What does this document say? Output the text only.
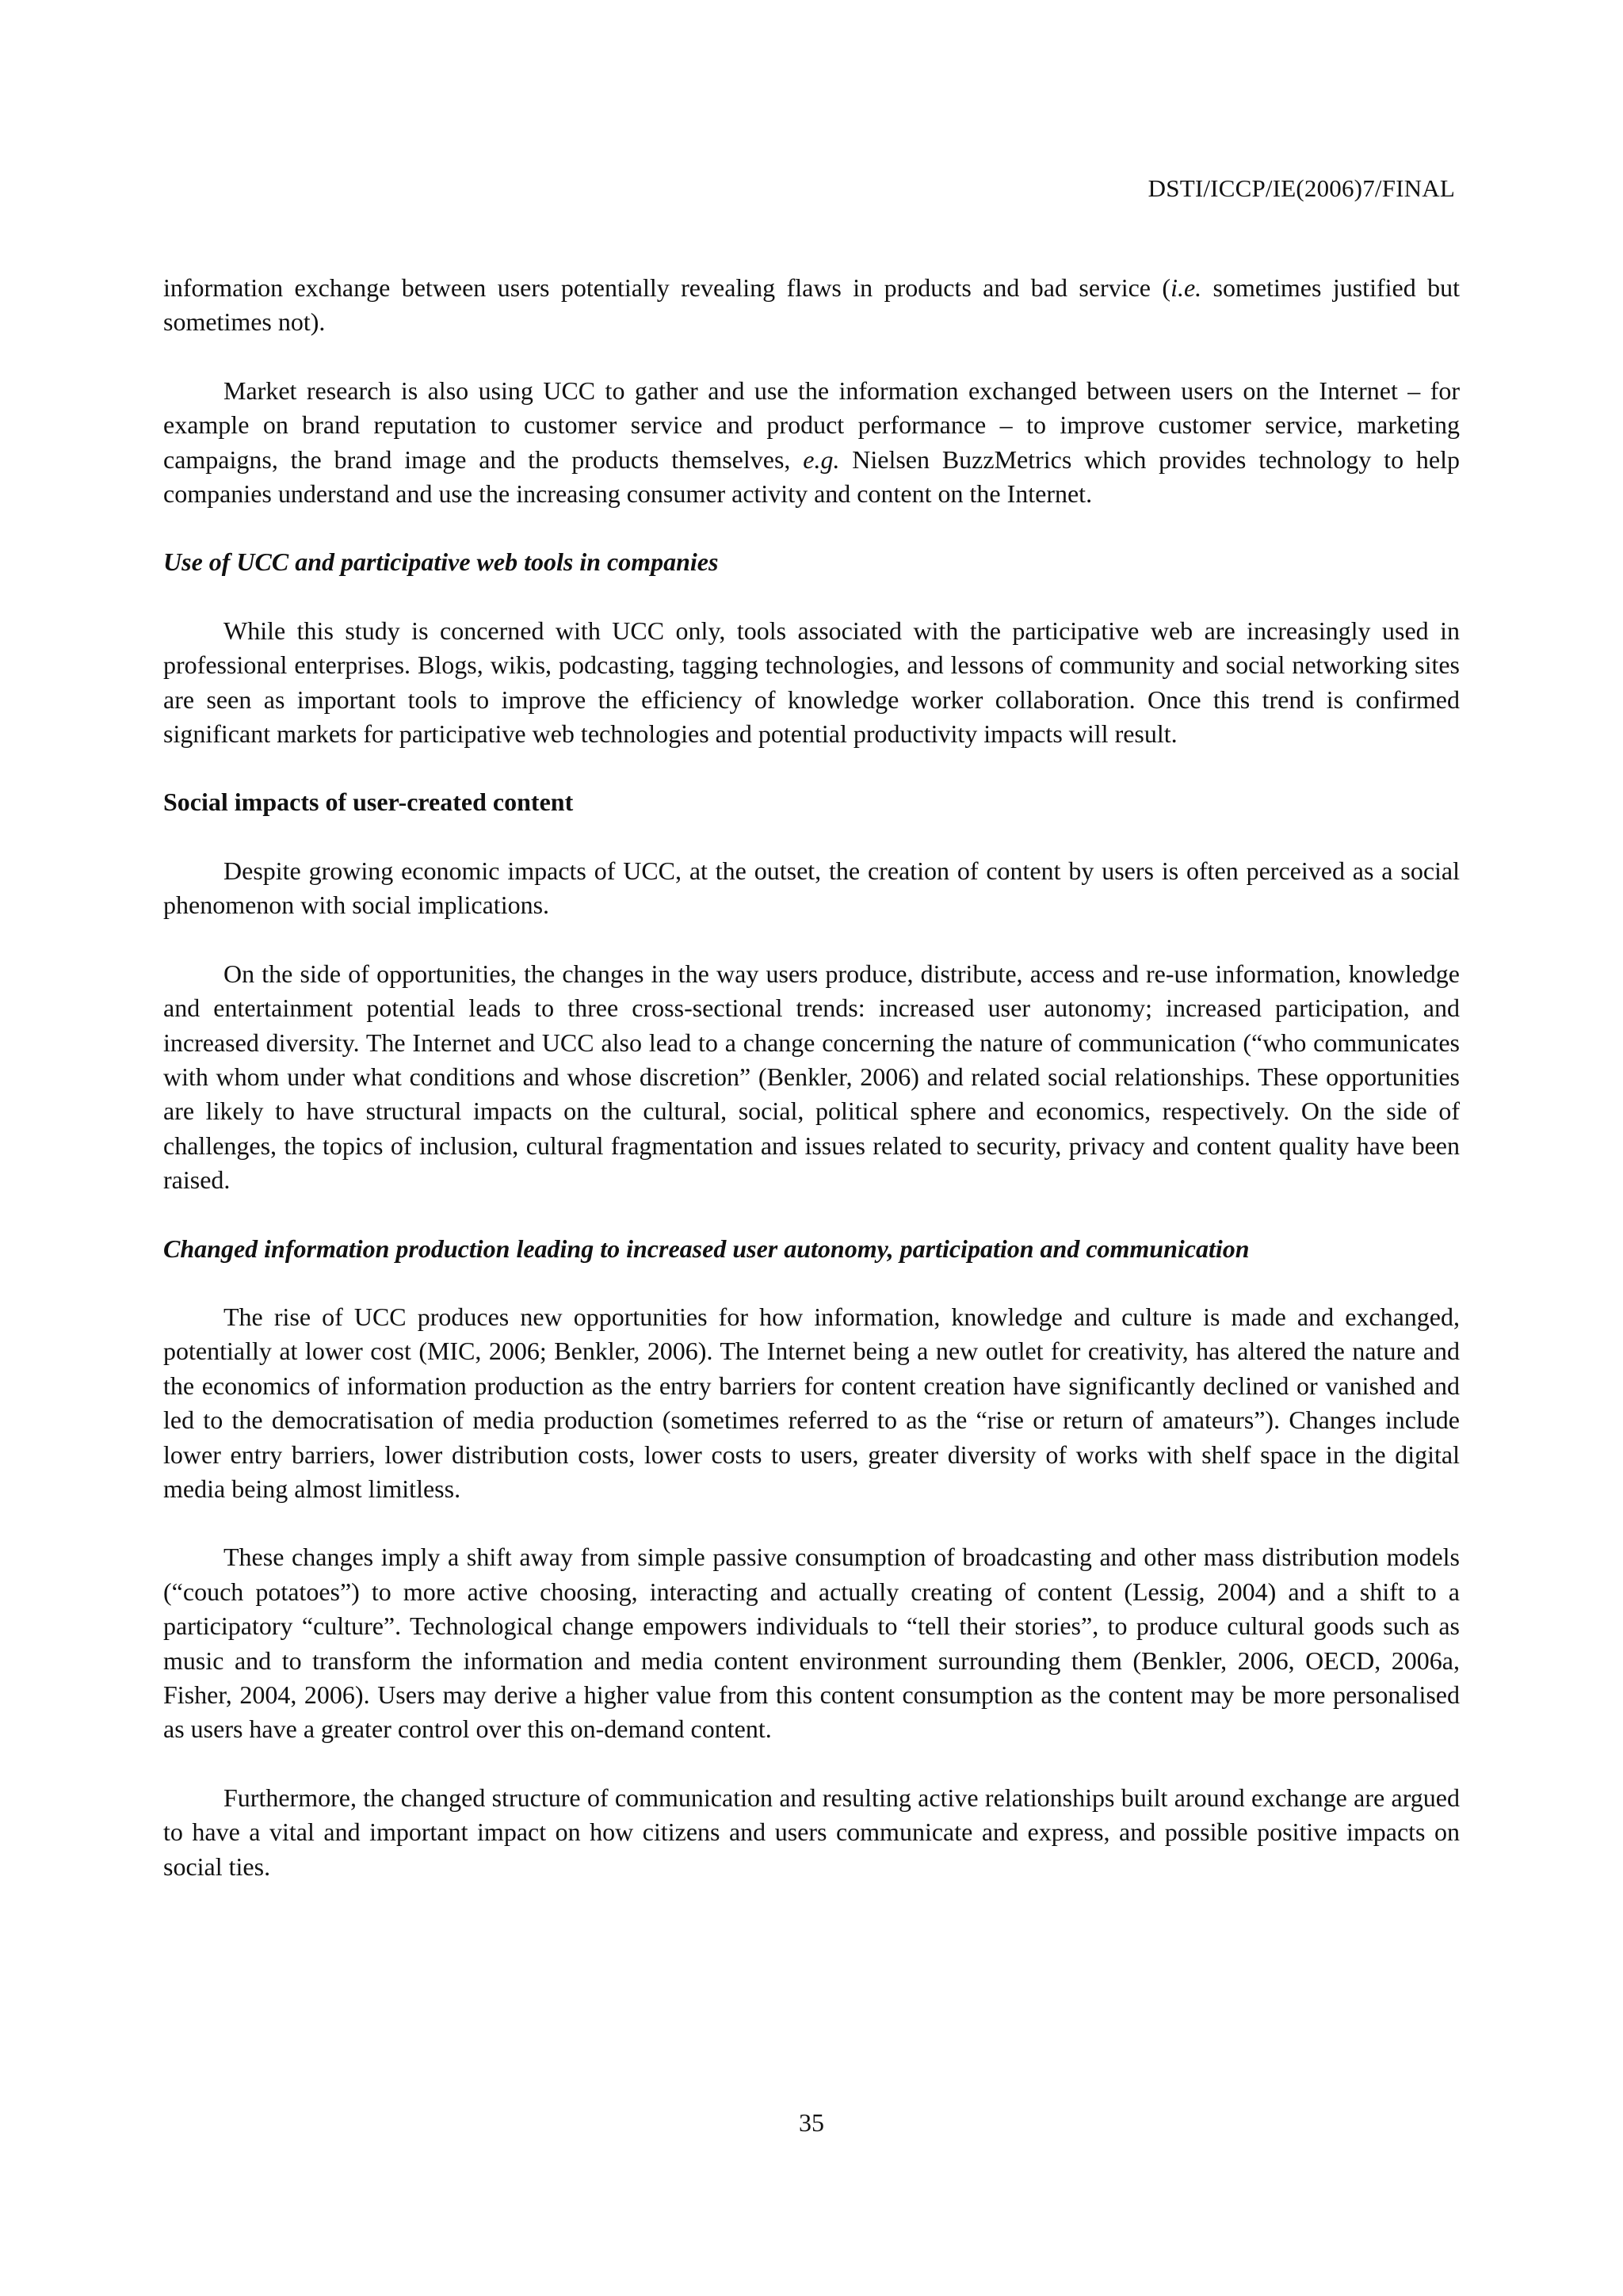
DSTI/ICCP/IE(2006)7/FINAL

information exchange between users potentially revealing flaws in products and bad service (i.e. sometimes justified but sometimes not).

Market research is also using UCC to gather and use the information exchanged between users on the Internet – for example on brand reputation to customer service and product performance – to improve customer service, marketing campaigns, the brand image and the products themselves, e.g. Nielsen BuzzMetrics which provides technology to help companies understand and use the increasing consumer activity and content on the Internet.

Use of UCC and participative web tools in companies

While this study is concerned with UCC only, tools associated with the participative web are increasingly used in professional enterprises. Blogs, wikis, podcasting, tagging technologies, and lessons of community and social networking sites are seen as important tools to improve the efficiency of knowledge worker collaboration. Once this trend is confirmed significant markets for participative web technologies and potential productivity impacts will result.

Social impacts of user-created content

Despite growing economic impacts of UCC, at the outset, the creation of content by users is often perceived as a social phenomenon with social implications.

On the side of opportunities, the changes in the way users produce, distribute, access and re-use information, knowledge and entertainment potential leads to three cross-sectional trends: increased user autonomy; increased participation, and increased diversity. The Internet and UCC also lead to a change concerning the nature of communication (“who communicates with whom under what conditions and whose discretion” (Benkler, 2006) and related social relationships. These opportunities are likely to have structural impacts on the cultural, social, political sphere and economics, respectively. On the side of challenges, the topics of inclusion, cultural fragmentation and issues related to security, privacy and content quality have been raised.

Changed information production leading to increased user autonomy, participation and communication

The rise of UCC produces new opportunities for how information, knowledge and culture is made and exchanged, potentially at lower cost (MIC, 2006; Benkler, 2006). The Internet being a new outlet for creativity, has altered the nature and the economics of information production as the entry barriers for content creation have significantly declined or vanished and led to the democratisation of media production (sometimes referred to as the “rise or return of amateurs”). Changes include lower entry barriers, lower distribution costs, lower costs to users, greater diversity of works with shelf space in the digital media being almost limitless.

These changes imply a shift away from simple passive consumption of broadcasting and other mass distribution models (“couch potatoes”) to more active choosing, interacting and actually creating of content (Lessig, 2004) and a shift to a participatory “culture”. Technological change empowers individuals to “tell their stories”, to produce cultural goods such as music and to transform the information and media content environment surrounding them (Benkler, 2006, OECD, 2006a, Fisher, 2004, 2006). Users may derive a higher value from this content consumption as the content may be more personalised as users have a greater control over this on-demand content.

Furthermore, the changed structure of communication and resulting active relationships built around exchange are argued to have a vital and important impact on how citizens and users communicate and express, and possible positive impacts on social ties.

35
